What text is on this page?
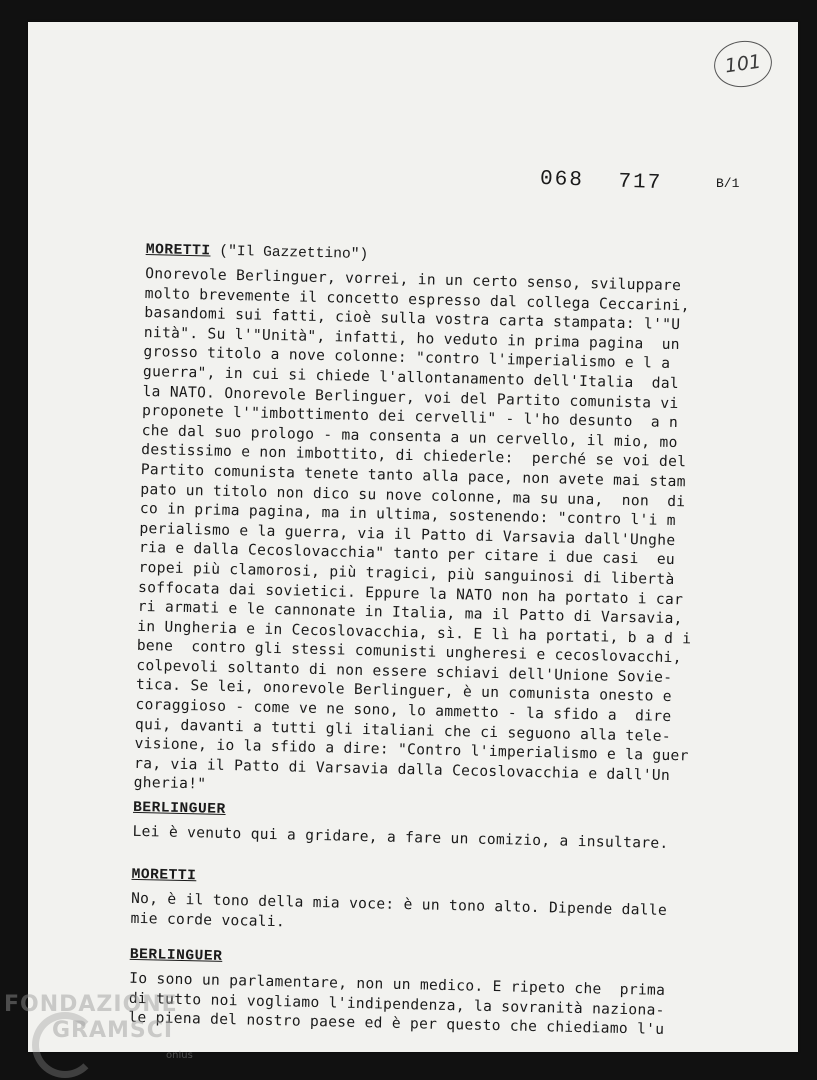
101
068 717	B/1
MORETTI ("Il Gazzettino")
Onorevole Berlinguer, vorrei, in un certo senso, sviluppare
molto brevemente il concetto espresso dal collega Ceccarini,
basandomi sui fatti, cioè sulla vostra carta stampata: l'"U
nità". Su l'"Unità", infatti, ho veduto in prima pagina  un
grosso titolo a nove colonne: "contro l'imperialismo e l a
guerra", in cui si chiede l'allontanamento dell'Italia  dal
la NATO. Onorevole Berlinguer, voi del Partito comunista vi
proponete l'"imbottimento dei cervelli" - l'ho desunto  a n
che dal suo prologo - ma consenta a un cervello, il mio, mo
destissimo e non imbottito, di chiederle:  perché se voi del
Partito comunista tenete tanto alla pace, non avete mai stam
pato un titolo non dico su nove colonne, ma su una,  non  di
co in prima pagina, ma in ultima, sostenendo: "contro l'i m
perialismo e la guerra, via il Patto di Varsavia dall'Unghe
ria e dalla Cecoslovacchia" tanto per citare i due casi  eu
ropei più clamorosi, più tragici, più sanguinosi di libertà
soffocata dai sovietici. Eppure la NATO non ha portato i car
ri armati e le cannonate in Italia, ma il Patto di Varsavia,
in Ungheria e in Cecoslovacchia, sì. E lì ha portati, b a d i
bene  contro gli stessi comunisti ungheresi e cecoslovacchi,
colpevoli soltanto di non essere schiavi dell'Unione Sovie-
tica. Se lei, onorevole Berlinguer, è un comunista onesto e
coraggioso - come ve ne sono, lo ammetto - la sfido a  dire
qui, davanti a tutti gli italiani che ci seguono alla tele-
visione, io la sfido a dire: "Contro l'imperialismo e la guer
ra, via il Patto di Varsavia dalla Cecoslovacchia e dall'Un
gheria!"
BERLINGUER
Lei è venuto qui a gridare, a fare un comizio, a insultare.
MORETTI
No, è il tono della mia voce: è un tono alto. Dipende dalle
mie corde vocali.
BERLINGUER
Io sono un parlamentare, non un medico. E ripeto che  prima
di tutto noi vogliamo l'indipendenza, la sovranità naziona-
le piena del nostro paese ed è per questo che chiediamo l'u
FONDAZIONE
GRAMSCI
onlus
